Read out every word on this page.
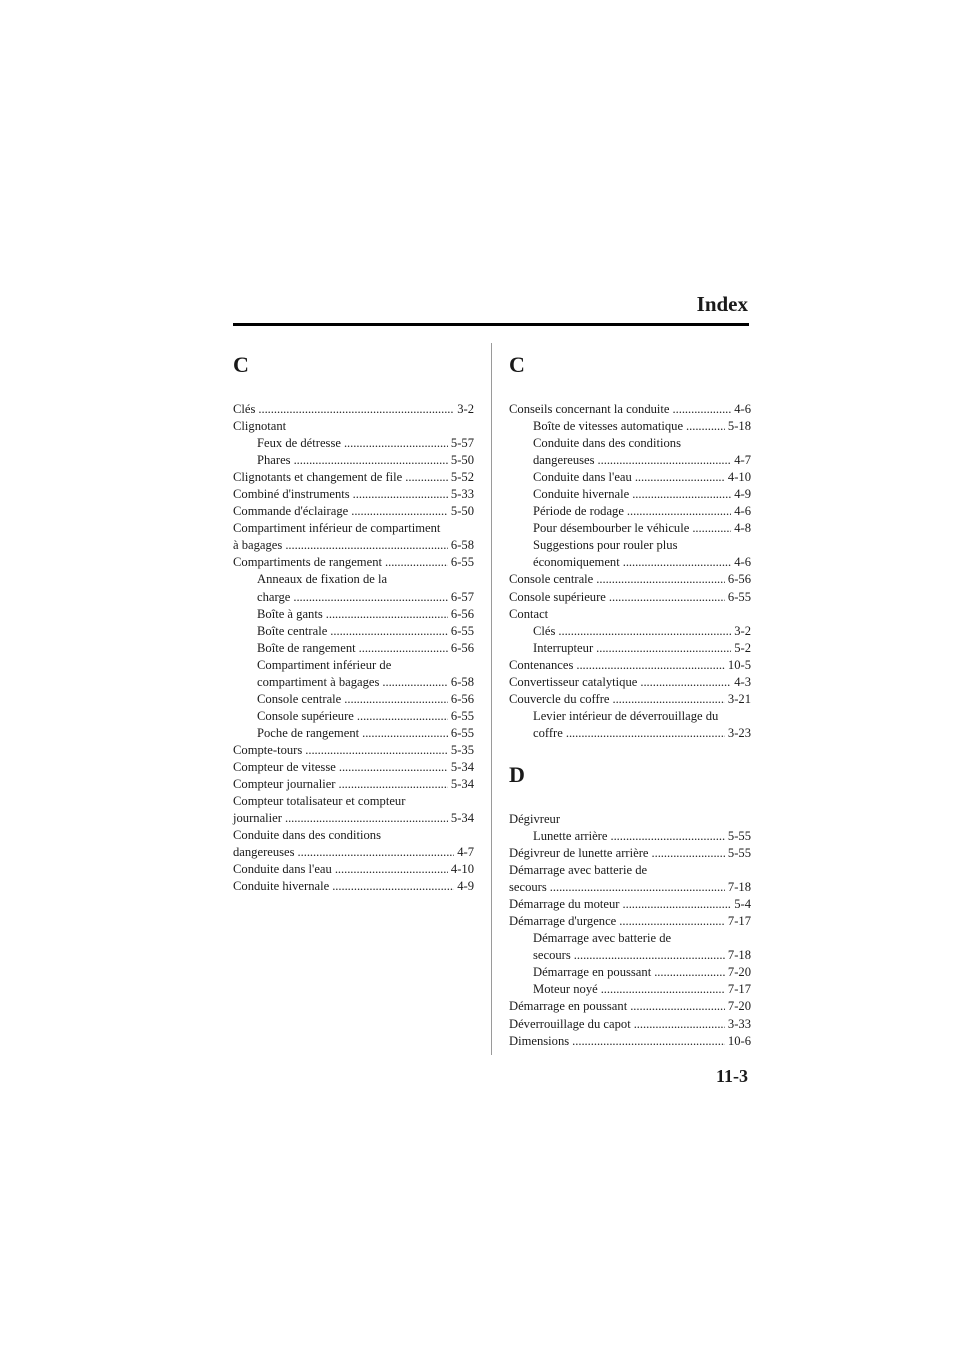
Index
C
Clés . . .	3-2
Clignotant
Feux de détresse . . .	5-57
Phares . . .	5-50
Clignotants et changement de file . . .	5-52
Combiné d'instruments . . .	5-33
Commande d'éclairage . . .	5-50
Compartiment inférieur de compartiment
à bagages . . .	6-58
Compartiments de rangement . . .	6-55
Anneaux de fixation de la
charge . . .	6-57
Boîte à gants . . .	6-56
Boîte centrale . . .	6-55
Boîte de rangement . . .	6-56
Compartiment inférieur de
compartiment à bagages . . .	6-58
Console centrale . . .	6-56
Console supérieure . . .	6-55
Poche de rangement . . .	6-55
Compte-tours . . .	5-35
Compteur de vitesse . . .	5-34
Compteur journalier . . .	5-34
Compteur totalisateur et compteur
journalier . . .	5-34
Conduite dans des conditions
dangereuses . . .	4-7
Conduite dans l'eau . . .	4-10
Conduite hivernale . . .	4-9
C
Conseils concernant la conduite . . .	4-6
Boîte de vitesses automatique . . .	5-18
Conduite dans des conditions
dangereuses . . .	4-7
Conduite dans l'eau . . .	4-10
Conduite hivernale . . .	4-9
Période de rodage . . .	4-6
Pour désembourber le véhicule . . .	4-8
Suggestions pour rouler plus
économiquement . . .	4-6
Console centrale . . .	6-56
Console supérieure . . .	6-55
Contact
Clés . . .	3-2
Interrupteur . . .	5-2
Contenances . . .	10-5
Convertisseur catalytique . . .	4-3
Couvercle du coffre . . .	3-21
Levier intérieur de déverrouillage du
coffre . . .	3-23
D
Dégivreur
Lunette arrière . . .	5-55
Dégivreur de lunette arrière . . .	5-55
Démarrage avec batterie de
secours . . .	7-18
Démarrage du moteur . . .	5-4
Démarrage d'urgence . . .	7-17
Démarrage avec batterie de
secours . . .	7-18
Démarrage en poussant . . .	7-20
Moteur noyé . . .	7-17
Démarrage en poussant . . .	7-20
Déverrouillage du capot . . .	3-33
Dimensions . . .	10-6
11-3
